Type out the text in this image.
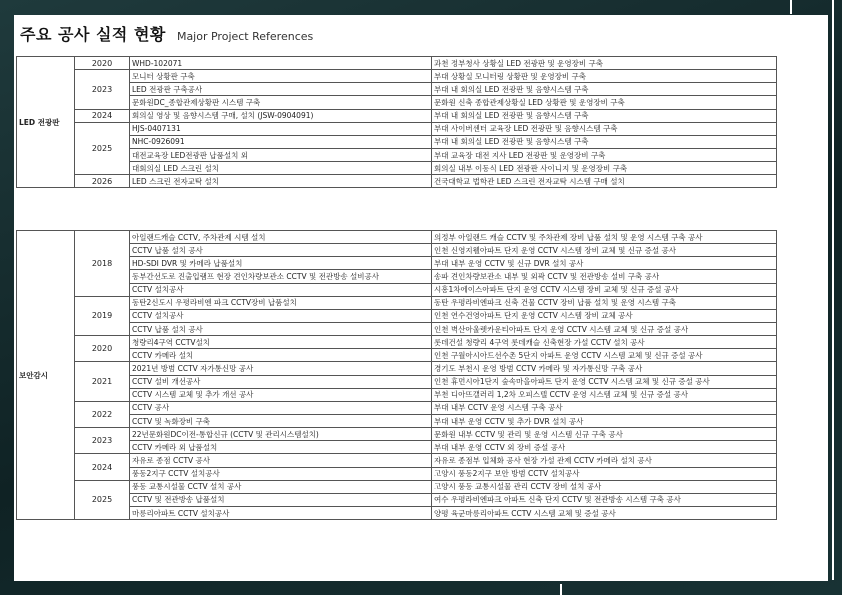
주요 공사 실적 현황 Major Project References
LED 전광판	2020	WHD-102071	과천 정부청사 상황실 LED 전광판 및 운영장비 구축
	2023	모니터 상황판 구축	부대 상황실 모니터링 상황판 및 운영장비 구축
		LED 전광판 구축공사	부대 내 회의실 LED 전광판 및 음향시스템 구축
		문화원DC_종합관제상황판 시스템 구축	문화원 신축 종합관제상황실 LED 상황판 및 운영장비 구축
	2024	회의실 영상 및 음향시스템 구매, 설치 (JSW-0904091)	부대 내 회의실 LED 전광판 및 음향시스템 구축
	2025	HJS-0407131	부대 사이버센터 교육장 LED 전광판 및 음향시스템 구축
		NHC-0926091	부대 내 회의실 LED 전광판 및 음향시스템 구축
		대전교육장 LED전광판 납품설치 외	부대 교육장 대전 지사 LED 전광판 및 운영장비 구축
		대회의실 LED 스크린 설치	회의실 내부 이동식 LED 전광판 사이니지 및 운영장비 구축
	2026	LED 스크린 전자교탁 설치	건국대학교 법학관 LED 스크린 전자교탁 시스템 구매 설치
보안감시	2018	아일랜드캐슬 CCTV, 주차관제 시템 설치	의정부 아일랜드 캐슬 CCTV 및 주차관제 장비 납품 설치 및 운영 시스템 구축 공사
		CCTV 납품 설치 공사	인천 신영지웰아파트 단지 운영 CCTV 시스템 장비 교체 및 신규 증설 공사
		HD-SDI DVR 및 카메라 납품설치	부대 내부 운영 CCTV 및 신규 DVR 설치 공사
		동부간선도로 진출입램프 현장 견인차량보관소 CCTV 및 전관방송 설비공사	송파 견인차량보관소 내부 및 외곽 CCTV 및 전관방송 설비 구축 공사
		CCTV 설치공사	시흥1차에이스아파트 단지 운영 CCTV 시스템 장비 교체 및 신규 증설 공사
	2019	동탄2신도시 우평라비엔 파크 CCTV장비 납품설치	동탄 우평라비엔파크 신축 건물 CCTV 장비 납품 설치 및 운영 시스템 구축
		CCTV 설치공사	인천 연수건영아파트 단지 운영 CCTV 시스템 장비 교체 공사
		CCTV 납품 설치 공사	인천 벽산아울렛카운티아파트 단지 운영 CCTV 시스템 교체 및 신규 증설 공사
	2020	청량리4구역 CCTV설치	롯데건설 청량리 4구역 롯데캐슬 신축현장 가설 CCTV 설치 공사
		CCTV 카메라 설치	인천 구월아시아드선수촌 5단지 아파트 운영 CCTV 시스템 교체 및 신규 증설 공사
	2021	2021년 방범 CCTV 자가통신망 공사	경기도 부천시 운영 방범 CCTV 카메라 및 자가통신망 구축 공사
		CCTV 설비 개선공사	인천 휴먼시아1단지 숲속마을아파트 단지 운영 CCTV 시스템 교체 및 신규 증설 공사
		CCTV 시스템 교체 및 추가 개선 공사	부천 디아뜨갤러리 1,2차 오피스텔 CCTV 운영 시스템 교체 및 신규 증설 공사
	2022	CCTV 공사	부대 내부 CCTV 운영 시스템 구축 공사
		CCTV 및 녹화장비 구축	부대 내부 운영 CCTV 및 추가 DVR 설치 공사
	2023	22년문화원DC이전-통합신규 (CCTV 및 관리시스템설치)	문화원 내부 CCTV 및 관리 및 운영 시스템 신규 구축 공사
		CCTV 카메라 외 납품설치	부대 내부 운영 CCTV 외 장비 증설 공사
	2024	자유로 종점 CCTV 공사	자유로 종점부 입체화 공사 현장 가설 관제 CCTV 카메라 설치 공사
		풍동2지구 CCTV 설치공사	고양시 풍동2지구 보안 방범 CCTV 설치공사
	2025	풍동 교통시설물 CCTV 설치 공사	고양시 풍동 교통시설물 관리 CCTV 장비 설치 공사
		CCTV 및 전관방송 납품설치	여수 우평라비엔파크 아파트 신축 단지 CCTV 및 전관방송 시스템 구축 공사
		마릉리아파트 CCTV 설치공사	양평 육군마릉리아파트 CCTV 시스템 교체 및 증설 공사
